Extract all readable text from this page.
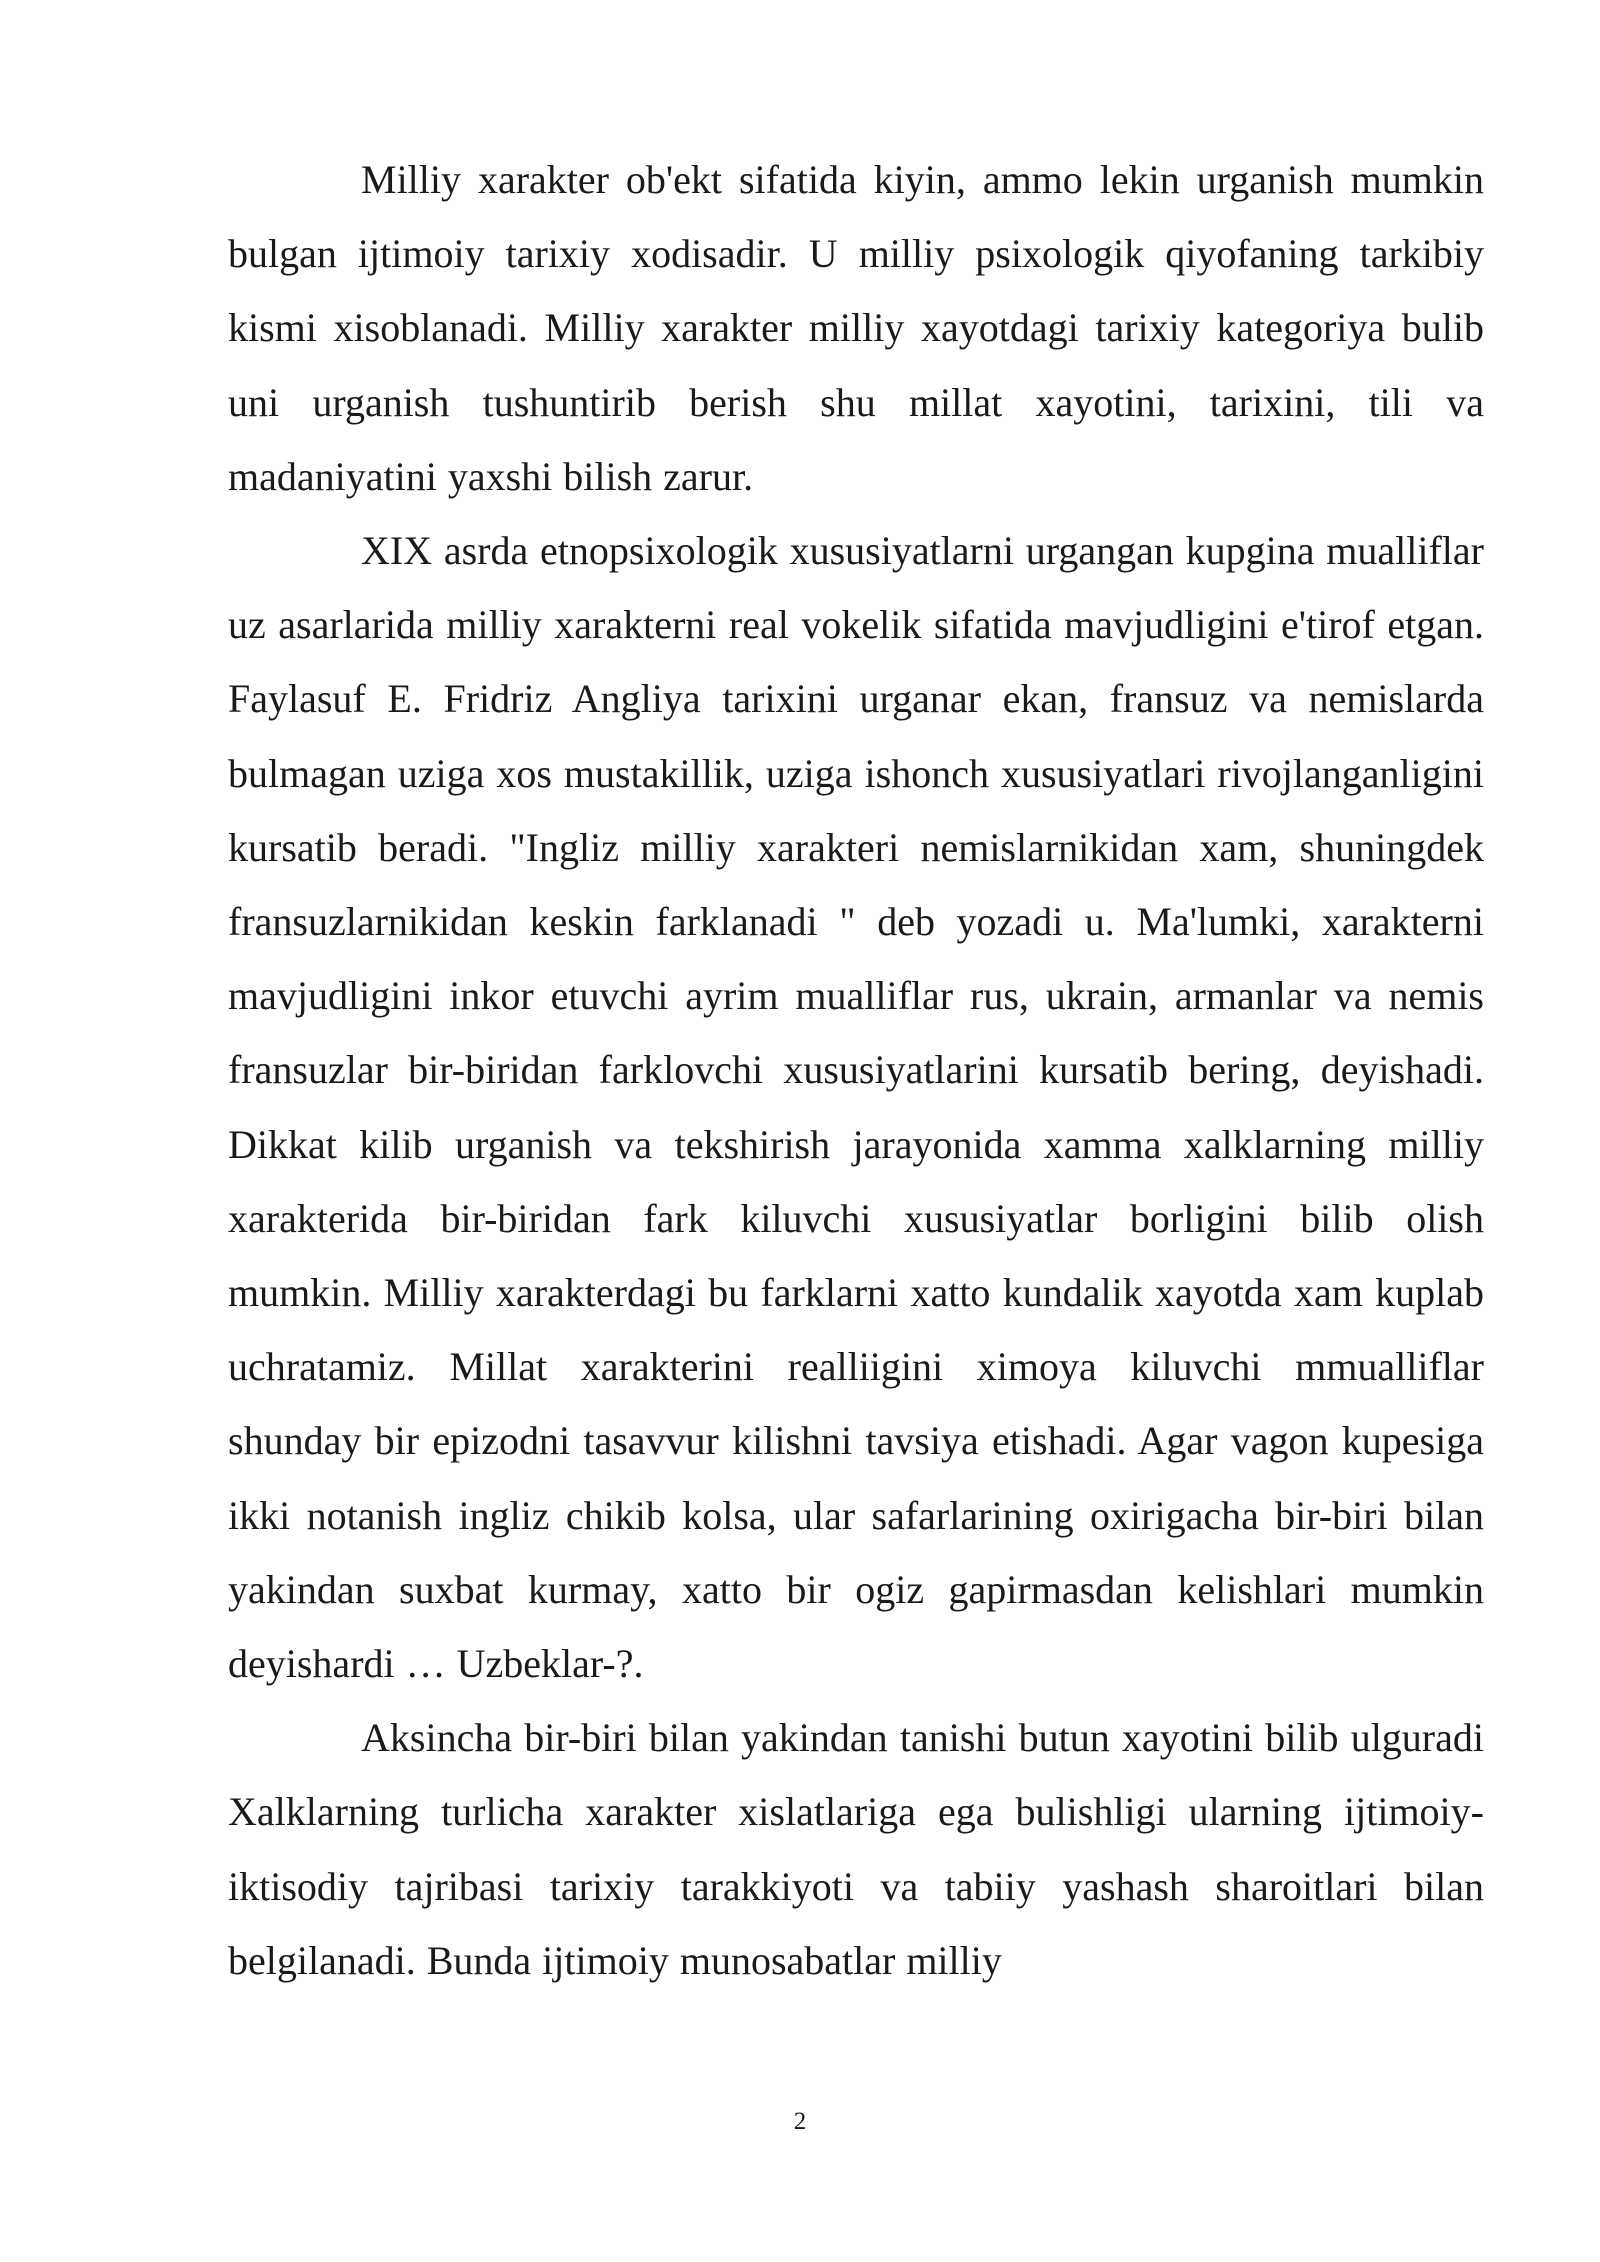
Milliy xarakter ob'ekt sifatida kiyin, ammo lekin urganish mumkin bulgan ijtimoiy tarixiy xodisadir. U milliy psixologik qiyofaning tarkibiy kismi xisoblanadi. Milliy xarakter milliy xayotdagi tarixiy kategoriya bulib uni urganish tushuntirib berish shu millat xayotini, tarixini, tili va madaniyatini yaxshi bilish zarur.

XIX asrda etnopsixologik xususiyatlarni urgangan kupgina mualliflar uz asarlarida milliy xarakterni real vokelik sifatida mavjudligini e'tirof etgan. Faylasuf E. Fridriz Angliya tarixini urganar ekan, fransuz va nemislarda bulmagan uziga xos mustakillik, uziga ishonch xususiyatlari rivojlanganligini kursatib beradi. "Ingliz milliy xarakteri nemislarnikidan xam, shuningdek fransuzlarnikidan keskin farklanadi " deb yozadi u. Ma'lumki, xarakterni mavjudligini inkor etuvchi ayrim mualliflar rus, ukrain, armanlar va nemis fransuzlar bir-biridan farklovchi xususiyatlarini kursatib bering, deyishadi. Dikkat kilib urganish va tekshirish jarayonida xamma xalklarning milliy xarakterida bir-biridan fark kiluvchi xususiyatlar borligini bilib olish mumkin. Milliy xarakterdagi bu farklarni xatto kundalik xayotda xam kuplab uchratamiz. Millat xarakterini realliigini ximoya kiluvchi mmualliflar shunday bir epizodni tasavvur kilishni tavsiya etishadi. Agar vagon kupesiga ikki notanish ingliz chikib kolsa, ular safarlarining oxirigacha bir-biri bilan yakindan suxbat kurmay, xatto bir ogiz gapirmasdan kelishlari mumkin deyishardi … Uzbeklar-?.

Aksincha bir-biri bilan yakindan tanishi butun xayotini bilib ulguradi Xalklarning turlicha xarakter xislatlariga ega bulishligi ularning ijtimoiy-iktisodiy tajribasi tarixiy tarakkiyoti va tabiiy yashash sharoitlari bilan belgilanadi. Bunda ijtimoiy munosabatlar milliy

2
